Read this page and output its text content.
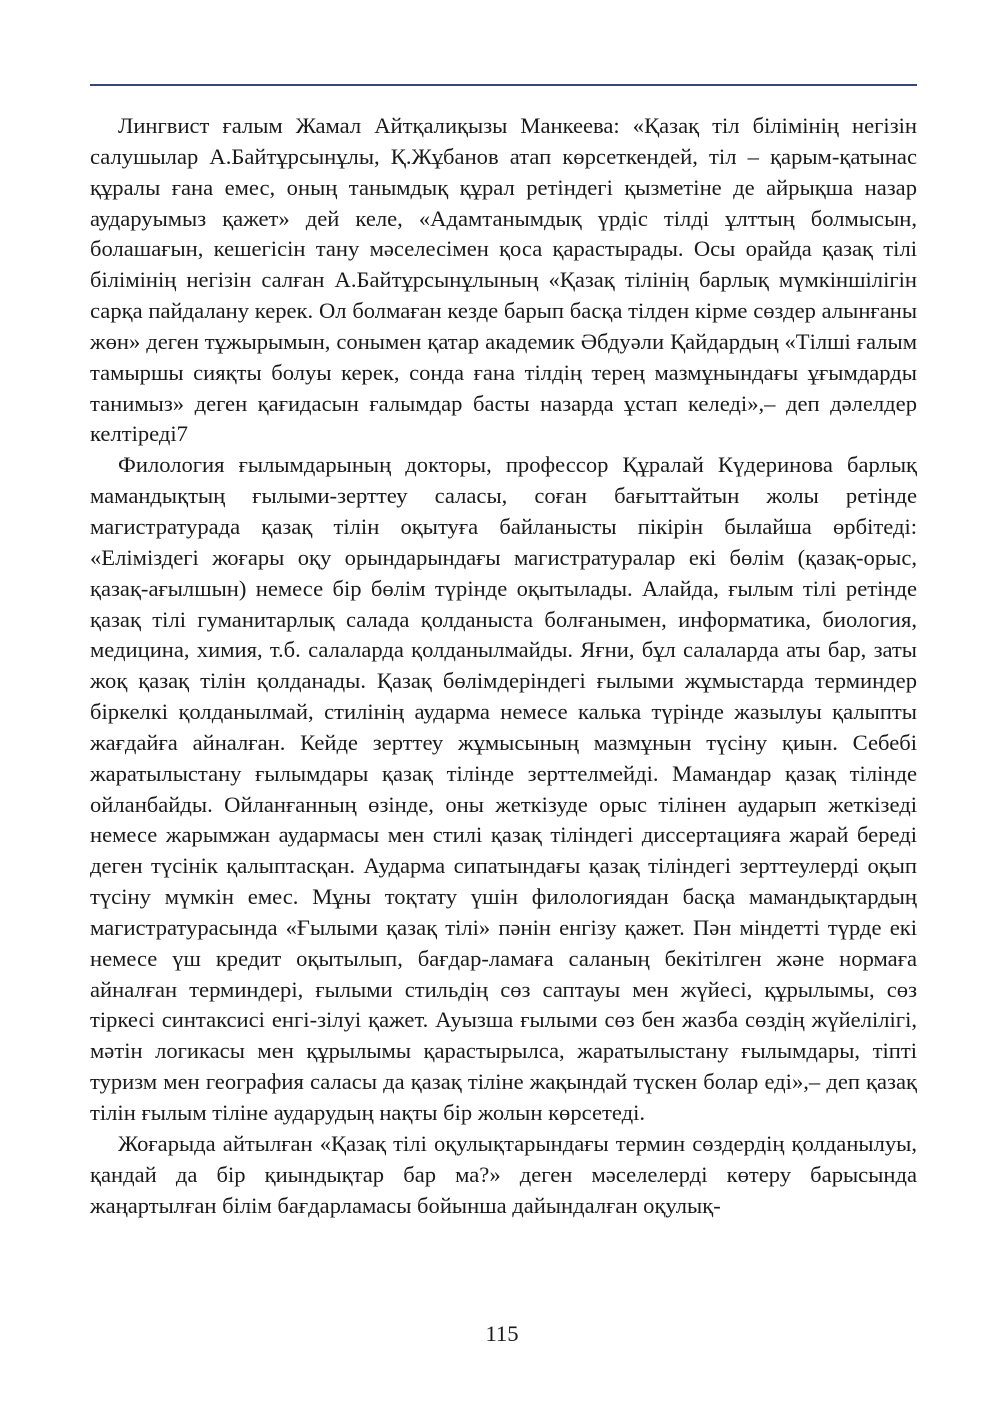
Лингвист ғалым Жамал Айтқалиқызы Манкеева: «Қазақ тіл білімінің негізін салушылар А.Байтұрсынұлы, Қ.Жұбанов атап көрсеткендей, тіл – қарым-қатынас құралы ғана емес, оның танымдық құрал ретіндегі қызметіне де айрықша назар аударуымыз қажет» дей келе, «Адамтанымдық үрдіс тілді ұлттың болмысын, болашағын, кешегісін тану мәселесімен қоса қарастырады. Осы орайда қазақ тілі білімінің негізін салған А.Байтұрсынұлының «Қазақ тілінің барлық мүмкіншілігін сарқа пайдалану керек. Ол болмаған кезде барып басқа тілден кірме сөздер алынғаны жөн» деген тұжырымын, сонымен қатар академик Әбдуәли Қайдардың «Тілші ғалым тамыршы сияқты болуы керек, сонда ғана тілдің терең мазмұнындағы ұғымдарды танимыз» деген қағидасын ғалымдар басты назарда ұстап келеді»,– деп дәлелдер келтіреді7

Филология ғылымдарының докторы, профессор Құралай Күдеринова барлық мамандықтың ғылыми-зерттеу саласы, соған бағыттайтын жолы ретінде магистратурада қазақ тілін оқытуға байланысты пікірін былайша өрбітеді: «Еліміздегі жоғары оқу орындарындағы магистратуралар екі бөлім (қазақ-орыс, қазақ-ағылшын) немесе бір бөлім түрінде оқытылады. Алайда, ғылым тілі ретінде қазақ тілі гуманитарлық салада қолданыста болғанымен, информатика, биология, медицина, химия, т.б. салаларда қолданылмайды. Яғни, бұл салаларда аты бар, заты жоқ қазақ тілін қолданады. Қазақ бөлімдеріндегі ғылыми жұмыстарда терминдер біркелкі қолданылмай, стилінің аударма немесе калька түрінде жазылуы қалыпты жағдайға айналған. Кейде зерттеу жұмысының мазмұнын түсіну қиын. Себебі жаратылыстану ғылымдары қазақ тілінде зерттелмейді. Мамандар қазақ тілінде ойланбайды. Ойланғанның өзінде, оны жеткізуде орыс тілінен аударып жеткізеді немесе жарымжан аудармасы мен стилі қазақ тіліндегі диссертацияға жарай береді деген түсінік қалыптасқан. Аударма сипатындағы қазақ тіліндегі зерттеулерді оқып түсіну мүмкін емес. Мұны тоқтату үшін филологиядан басқа мамандықтардың магистратурасында «Ғылыми қазақ тілі» пәнін енгізу қажет. Пән міндетті түрде екі немесе үш кредит оқытылып, бағдар-ламаға саланың бекітілген және нормаға айналған терминдері, ғылыми стильдің сөз саптауы мен жүйесі, құрылымы, сөз тіркесі синтаксисі енгі-зілуі қажет. Ауызша ғылыми сөз бен жазба сөздің жүйелілігі, мәтін логикасы мен құрылымы қарастырылса, жаратылыстану ғылымдары, тіпті туризм мен география саласы да қазақ тіліне жақындай түскен болар еді»,– деп қазақ тілін ғылым тіліне аударудың нақты бір жолын көрсетеді.

Жоғарыда айтылған «Қазақ тілі оқулықтарындағы термин сөздердің қолданылуы, қандай да бір қиындықтар бар ма?» деген мәселелерді көтеру барысында жаңартылған білім бағдарламасы бойынша дайындалған оқулық-

115
